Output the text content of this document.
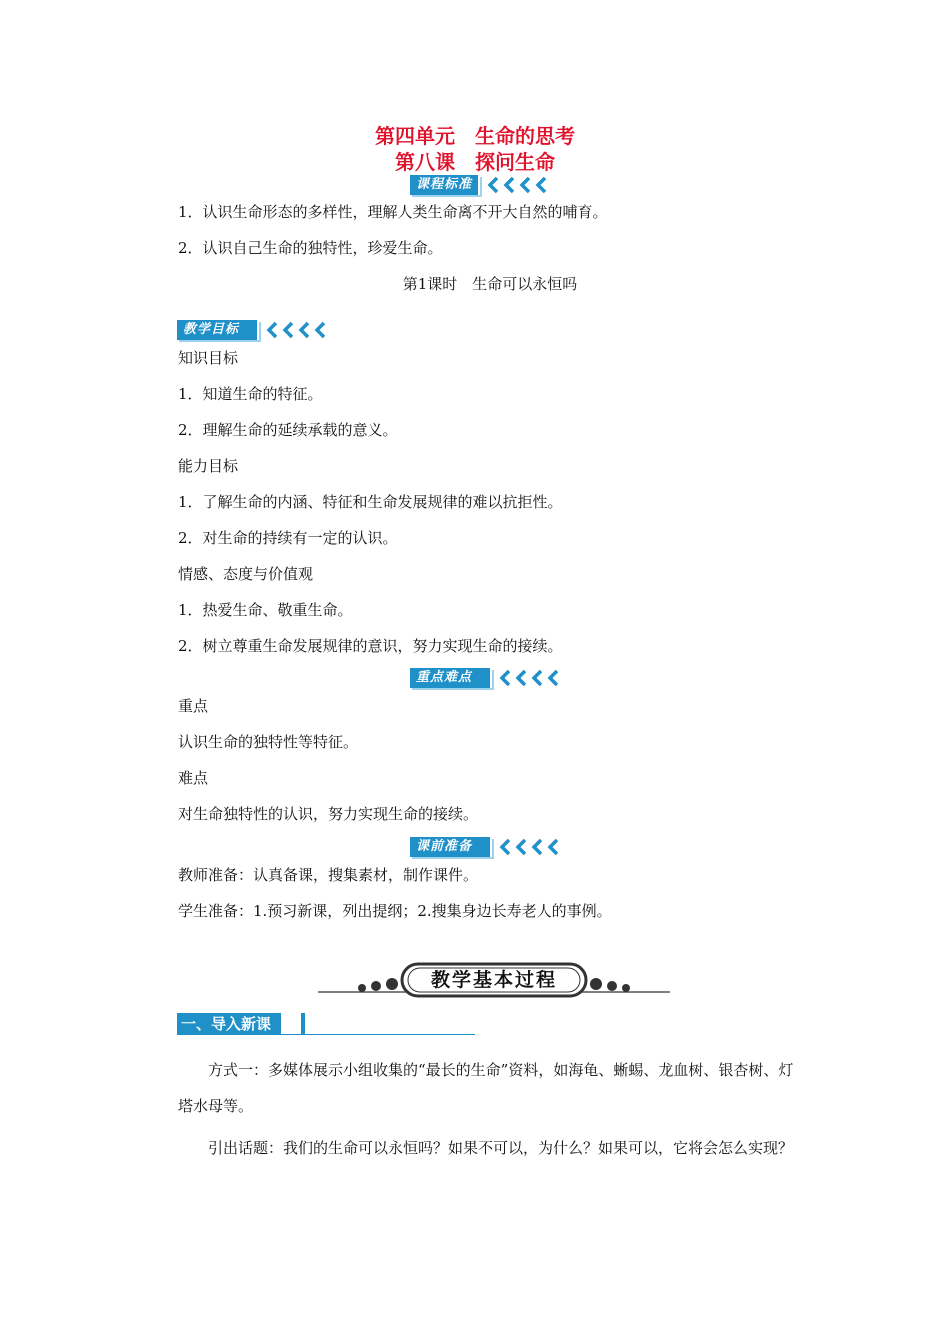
第四单元　生命的思考
第八课　探问生命
课程标准
1．认识生命形态的多样性，理解人类生命离不开大自然的哺育。
2．认识自己生命的独特性，珍爱生命。
第1课时　生命可以永恒吗
教学目标
知识目标
1．知道生命的特征。
2．理解生命的延续承载的意义。
能力目标
1．了解生命的内涵、特征和生命发展规律的难以抗拒性。
2．对生命的持续有一定的认识。
情感、态度与价值观
1．热爱生命、敬重生命。
2．树立尊重生命发展规律的意识，努力实现生命的接续。
重点难点
重点
认识生命的独特性等特征。
难点
对生命独特性的认识，努力实现生命的接续。
课前准备
教师准备：认真备课，搜集素材，制作课件。
学生准备：1.预习新课，列出提纲；2.搜集身边长寿老人的事例。
教学基本过程
一、导入新课
方式一：多媒体展示小组收集的“最长的生命”资料，如海龟、蜥蜴、龙血树、银杏树、灯塔水母等。
引出话题：我们的生命可以永恒吗？如果不可以，为什么？如果可以，它将会怎么实现？
